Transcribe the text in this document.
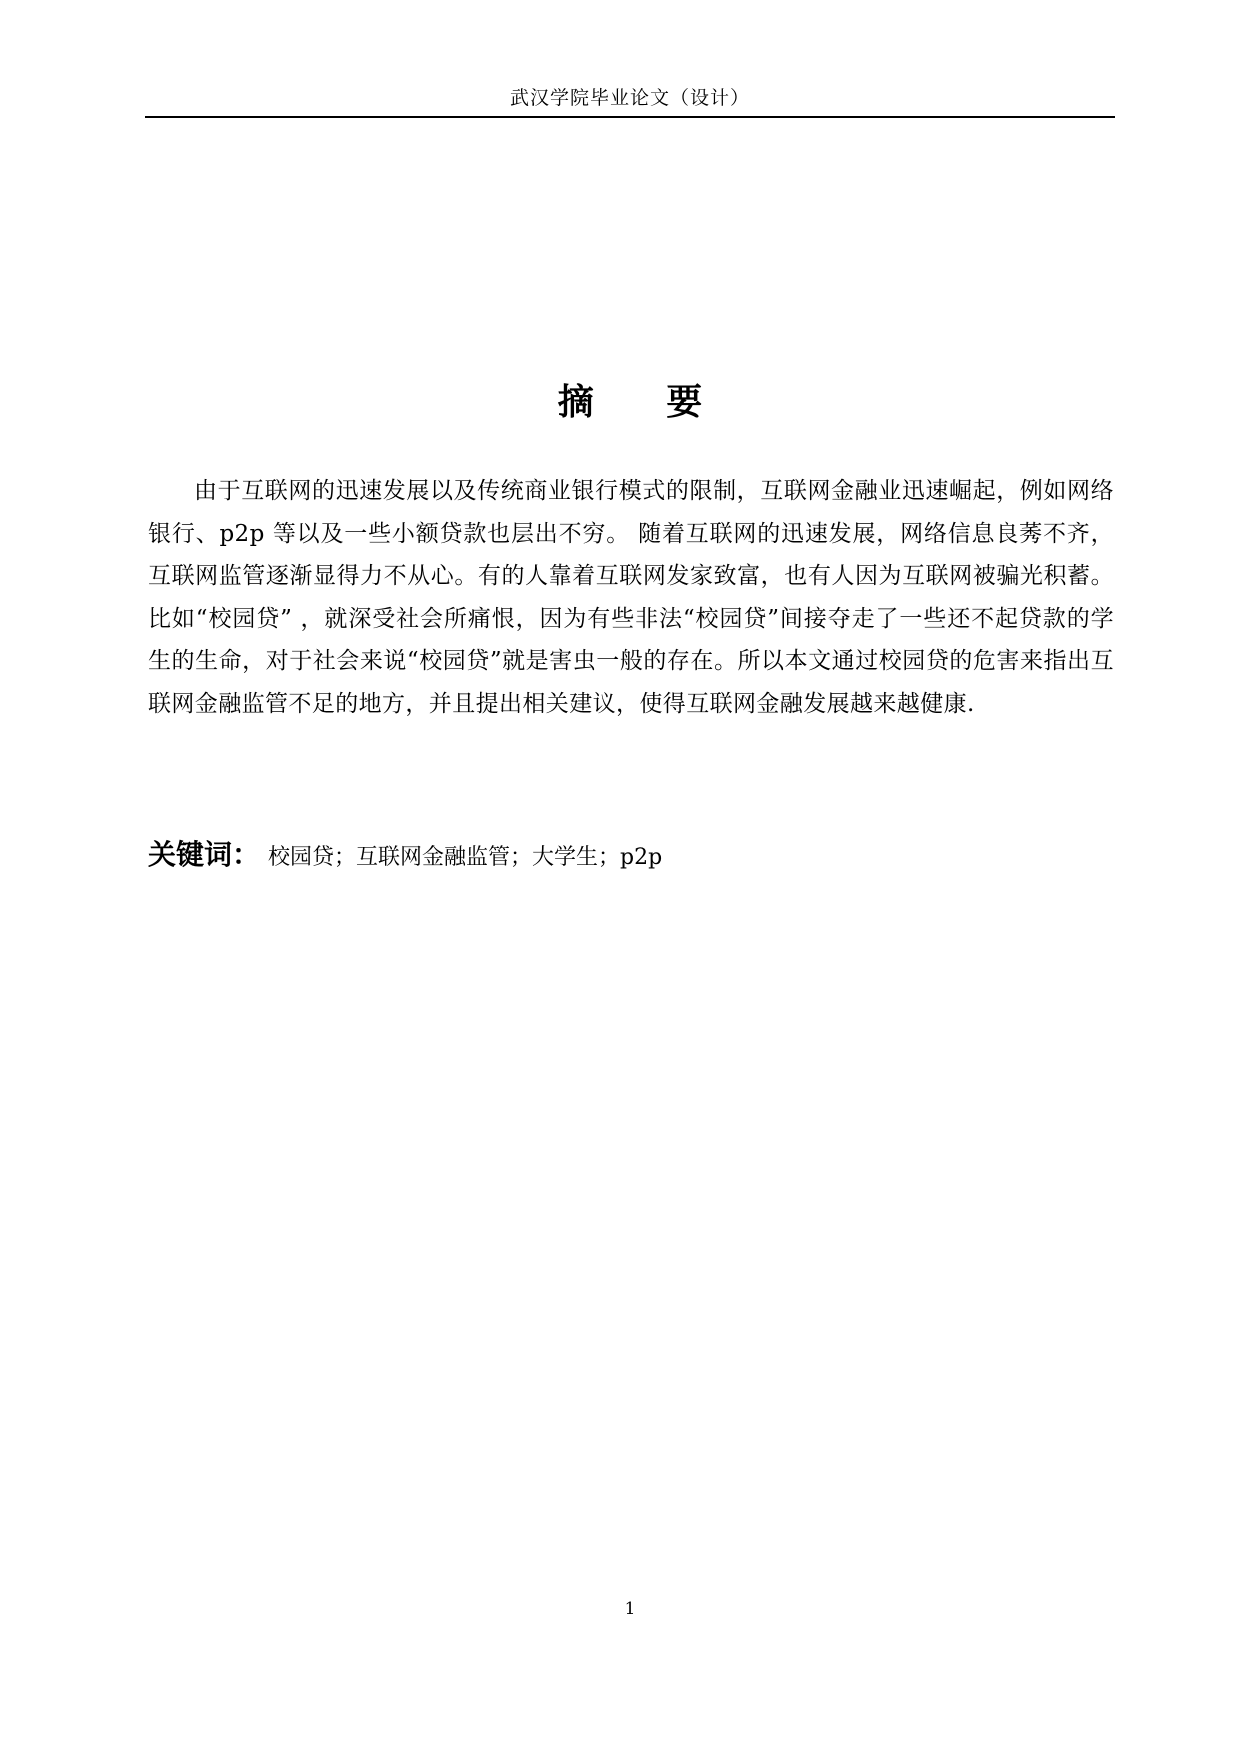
武汉学院毕业论文（设计）
摘 要
由于互联网的迅速发展以及传统商业银行模式的限制，互联网金融业迅速崛起，例如网络银行、p2p 等以及一些小额贷款也层出不穷。 随着互联网的迅速发展，网络信息良莠不齐，互联网监管逐渐显得力不从心。有的人靠着互联网发家致富，也有人因为互联网被骗光积蓄。比如“校园贷” ，就深受社会所痛恨，因为有些非法“校园贷”间接夺走了一些还不起贷款的学生的生命，对于社会来说“校园贷”就是害虫一般的存在。所以本文通过校园贷的危害来指出互联网金融监管不足的地方，并且提出相关建议，使得互联网金融发展越来越健康.
关键词： 校园贷；互联网金融监管；大学生；p2p
1
